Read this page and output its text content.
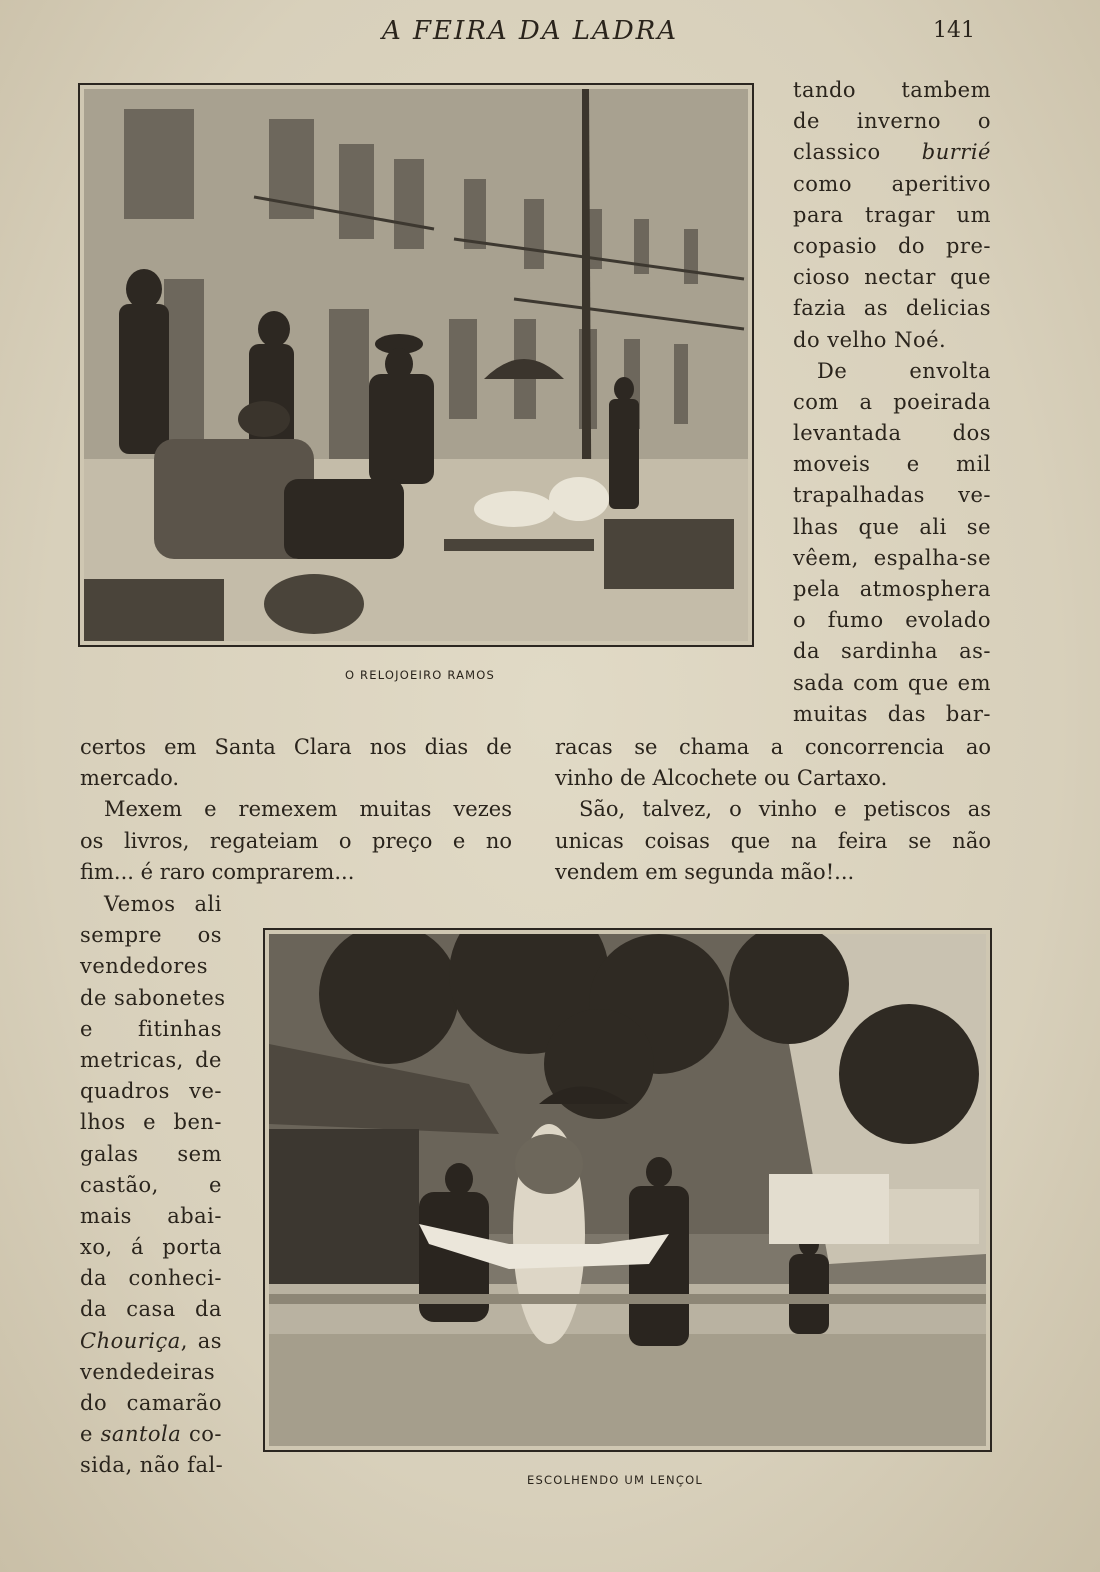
A FEIRA DA LADRA	141
O RELOJOEIRO RAMOS
tando tambem
de inverno o
classico burrié
como aperitivo
para tragar um
copasio do pre-
cioso nectar que
fazia as delicias
do velho Noé.
De envolta
com a poeirada
levantada dos
moveis e mil
trapalhadas ve-
lhas que ali se
vêem, espalha-se
pela atmosphera
o fumo evolado
da sardinha as-
sada com que em
muitas das bar-
certos em Santa Clara nos dias de
mercado.
Mexem e remexem muitas vezes
os livros, regateiam o preço e no
fim... é raro comprarem...
racas se chama a concorrencia ao
vinho de Alcochete ou Cartaxo.
São, talvez, o vinho e petiscos as
unicas coisas que na feira se não
vendem em segunda mão!...
Vemos ali
sempre os
vendedores
de sabonetes
e fitinhas
metricas, de
quadros ve-
lhos e ben-
galas sem
castão, e
mais abai-
xo, á porta
da conheci-
da casa da
Chouriça, as
vendedeiras
do camarão
e santola co-
sida, não fal-
ESCOLHENDO UM LENÇOL
